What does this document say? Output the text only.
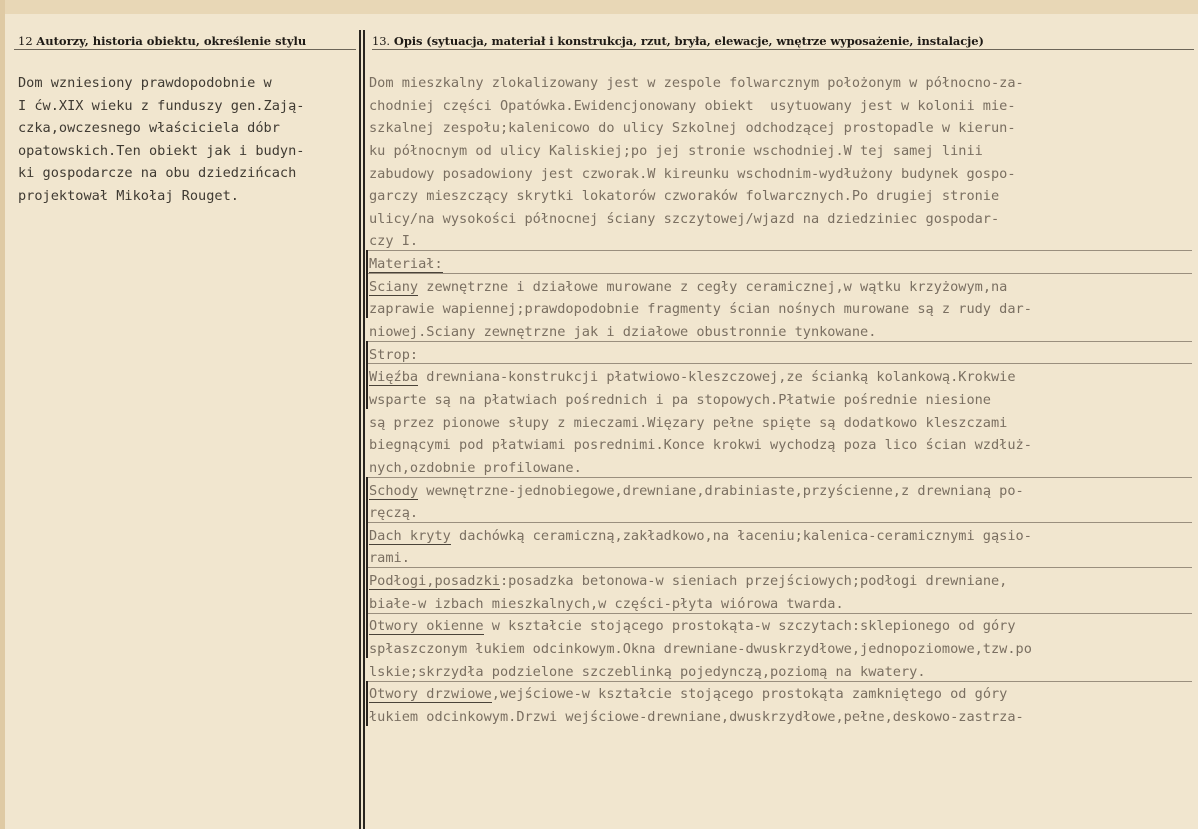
12 Autorzy, historia obiektu, określenie stylu	13. Opis (sytuacja, materiał i konstrukcja, rzut, bryła, elewacje, wnętrze wyposażenie, instalacje)
Dom wzniesiony prawdopodobnie w
I ćw.XIX wieku z funduszy gen.Zają-
czka,owczesnego właściciela dóbr
opatowskich.Ten obiekt jak i budyn-
ki gospodarcze na obu dziedzińcach
projektował Mikołaj Rouget.
Dom mieszkalny zlokalizowany jest w zespole folwarcznym położonym w północno-za-
chodniej części Opatówka.Ewidencjonowany obiekt  usytuowany jest w kolonii mie-
szkalnej zespołu;kalenicowo do ulicy Szkolnej odchodzącej prostopadle w kierun-
ku północnym od ulicy Kaliskiej;po jej stronie wschodniej.W tej samej linii
zabudowy posadowiony jest czworak.W kireunku wschodnim-wydłużony budynek gospo-
garczy mieszczący skrytki lokatorów czworaków folwarcznych.Po drugiej stronie
ulicy/na wysokości północnej ściany szczytowej/wjazd na dziedziniec gospodar-
czy I.
Materiał:
Sciany zewnętrzne i działowe murowane z cegły ceramicznej,w wątku krzyżowym,na
zaprawie wapiennej;prawdopodobnie fragmenty ścian nośnych murowane są z rudy dar-
niowej.Sciany zewnętrzne jak i działowe obustronnie tynkowane.
Strop:
Więźba drewniana-konstrukcji płatwiowo-kleszczowej,ze ścianką kolankową.Krokwie
wsparte są na płatwiach pośrednich i pa stopowych.Płatwie pośrednie niesione
są przez pionowe słupy z mieczami.Więzary pełne spięte są dodatkowo kleszczami
biegnącymi pod płatwiami posrednimi.Konce krokwi wychodzą poza lico ścian wzdłuż-
nych,ozdobnie profilowane.
Schody wewnętrzne-jednobiegowe,drewniane,drabiniaste,przyścienne,z drewnianą po-
ręczą.
Dach kryty dachówką ceramiczną,zakładkowo,na łaceniu;kalenica-ceramicznymi gąsio-
rami.
Podłogi,posadzki:posadzka betonowa-w sieniach przejściowych;podłogi drewniane,
białe-w izbach mieszkalnych,w części-płyta wiórowa twarda.
Otwory okienne w kształcie stojącego prostokąta-w szczytach:sklepionego od góry
spłaszczonym łukiem odcinkowym.Okna drewniane-dwuskrzydłowe,jednopoziomowe,tzw.po
lskie;skrzydła podzielone szczeblinką pojedynczą,poziomą na kwatery.
Otwory drzwiowe,wejściowe-w kształcie stojącego prostokąta zamkniętego od góry
łukiem odcinkowym.Drzwi wejściowe-drewniane,dwuskrzydłowe,pełne,deskowo-zastrza-
